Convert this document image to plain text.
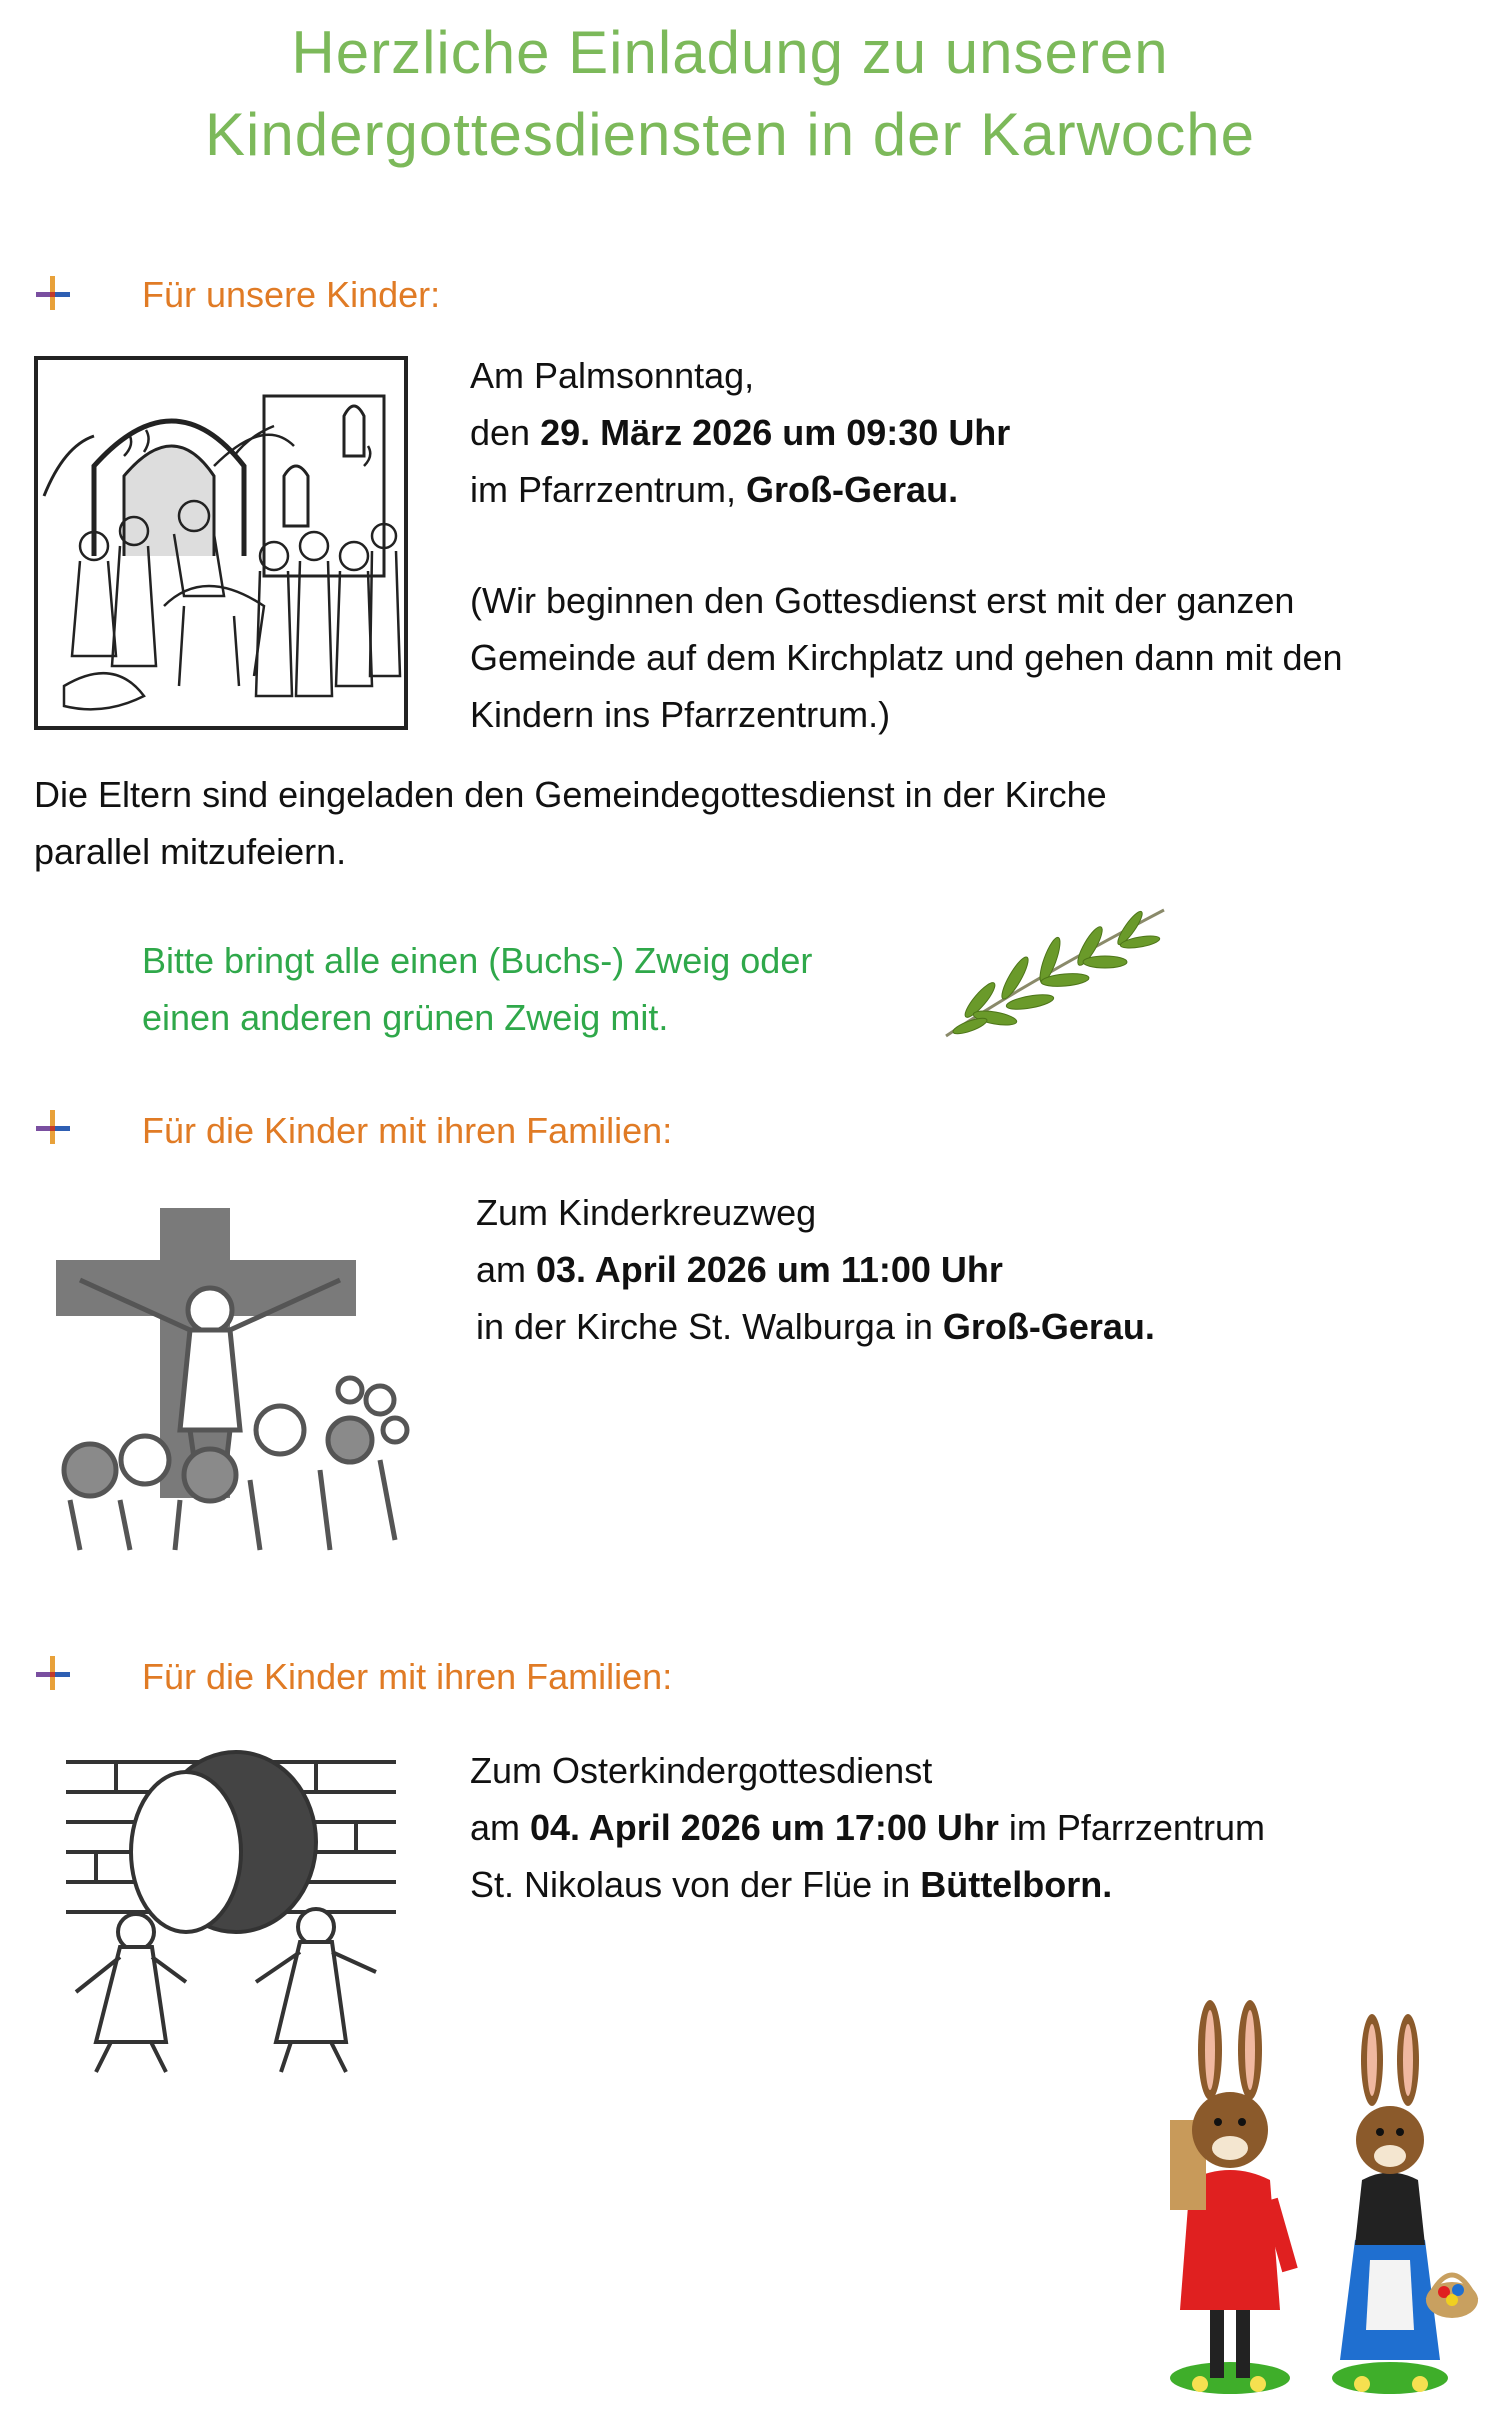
Herzliche Einladung zu unseren
Kindergottesdiensten in der Karwoche
Für unsere Kinder:
Am Palmsonntag,
den 29. März 2026 um 09:30 Uhr
im Pfarrzentrum, Groß-Gerau.
(Wir beginnen den Gottesdienst erst mit der ganzen
Gemeinde auf dem Kirchplatz und gehen dann mit den
Kindern ins Pfarrzentrum.)
Die Eltern sind eingeladen den Gemeindegottesdienst in der Kirche
parallel mitzufeiern.
Bitte bringt alle einen (Buchs-) Zweig oder
einen anderen grünen Zweig mit.
Für die Kinder mit ihren Familien:
Zum Kinderkreuzweg
am 03. April 2026 um 11:00 Uhr
in der Kirche St. Walburga in Groß-Gerau.
Für die Kinder mit ihren Familien:
Zum Osterkindergottesdienst
am 04. April 2026 um 17:00 Uhr im Pfarrzentrum
St. Nikolaus von der Flüe in Büttelborn.
